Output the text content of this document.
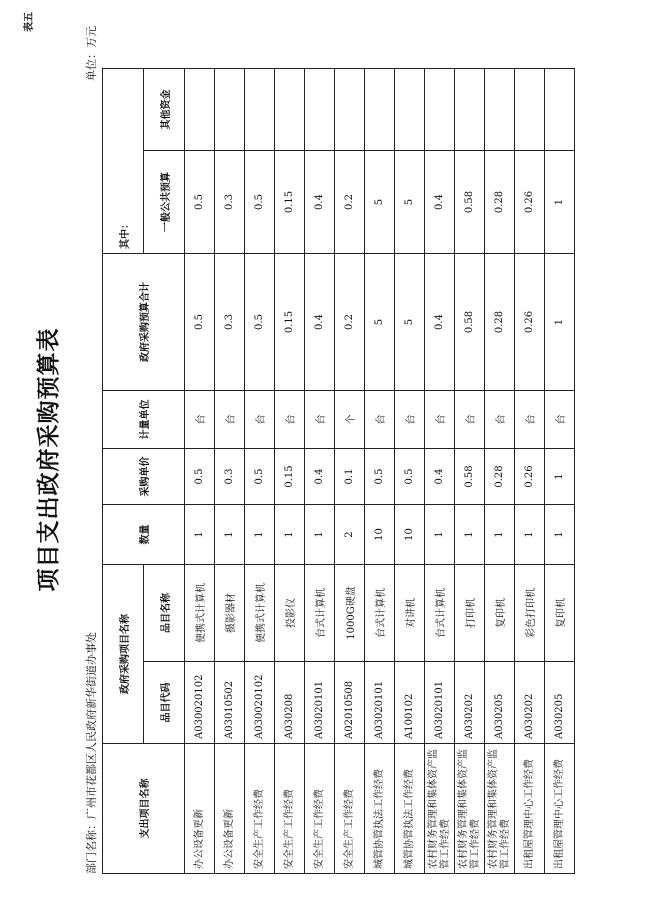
表五
项目支出政府采购预算表
部门名称：广州市花都区人民政府新华街道办事处
单位：万元
支出项目名称	政府采购项目名称		数量	采购单价	计量单位	政府采购预算合计	其中：	
	品目代码	品目名称					一般公共预算	其他资金
办公设备更新	A030020102	便携式计算机	1	0.5	台	0.5	0.5	
办公设备更新	A03010502	摄影器材	1	0.3	台	0.3	0.3	
安全生产工作经费	A030020102	便携式计算机	1	0.5	台	0.5	0.5	
安全生产工作经费	A030208	投影仪	1	0.15	台	0.15	0.15	
安全生产工作经费	A03020101	台式计算机	1	0.4	台	0.4	0.4	
安全生产工作经费	A02010508	1000G硬盘	2	0.1	个	0.2	0.2	
城管协管执法工作经费	A03020101	台式计算机	10	0.5	台	5	5	
城管协管执法工作经费	A100102	对讲机	10	0.5	台	5	5	
农村财务管理和集体资产监管工作经费	A03020101	台式计算机	1	0.4	台	0.4	0.4	
农村财务管理和集体资产监管工作经费	A030202	打印机	1	0.58	台	0.58	0.58	
农村财务管理和集体资产监管工作经费	A030205	复印机	1	0.28	台	0.28	0.28	
出租屋管理中心工作经费	A030202	彩色打印机	1	0.26	台	0.26	0.26	
出租屋管理中心工作经费	A030205	复印机	1	1	台	1	1	
